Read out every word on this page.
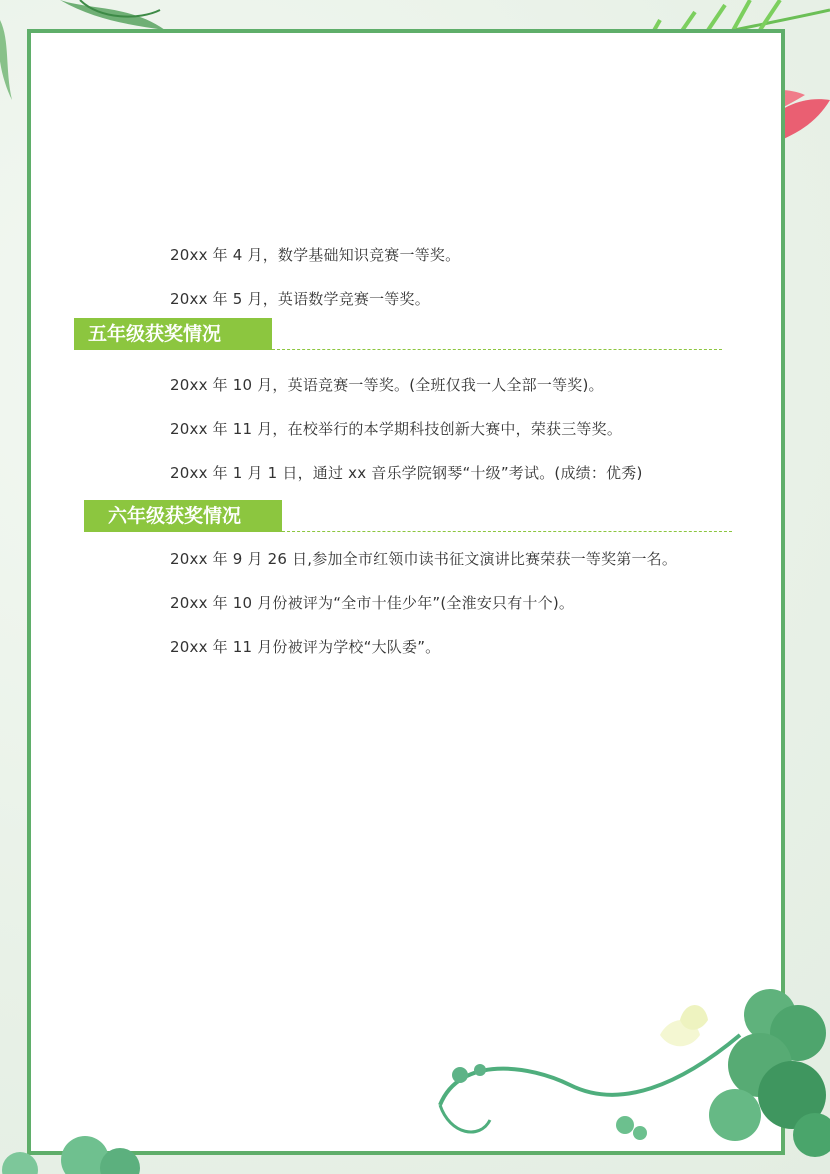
20xx 年 4 月，数学基础知识竞赛一等奖。
20xx 年 5 月，英语数学竞赛一等奖。
五年级获奖情况
20xx 年 10 月，英语竞赛一等奖。(全班仅我一人全部一等奖)。
20xx 年 11 月，在校举行的本学期科技创新大赛中，荣获三等奖。
20xx 年 1 月 1 日，通过 xx 音乐学院钢琴“十级”考试。(成绩：优秀)
六年级获奖情况
20xx 年 9 月 26 日,参加全市红领巾读书征文演讲比赛荣获一等奖第一名。
20xx 年 10 月份被评为“全市十佳少年”(全淮安只有十个)。
20xx 年 11 月份被评为学校“大队委”。
